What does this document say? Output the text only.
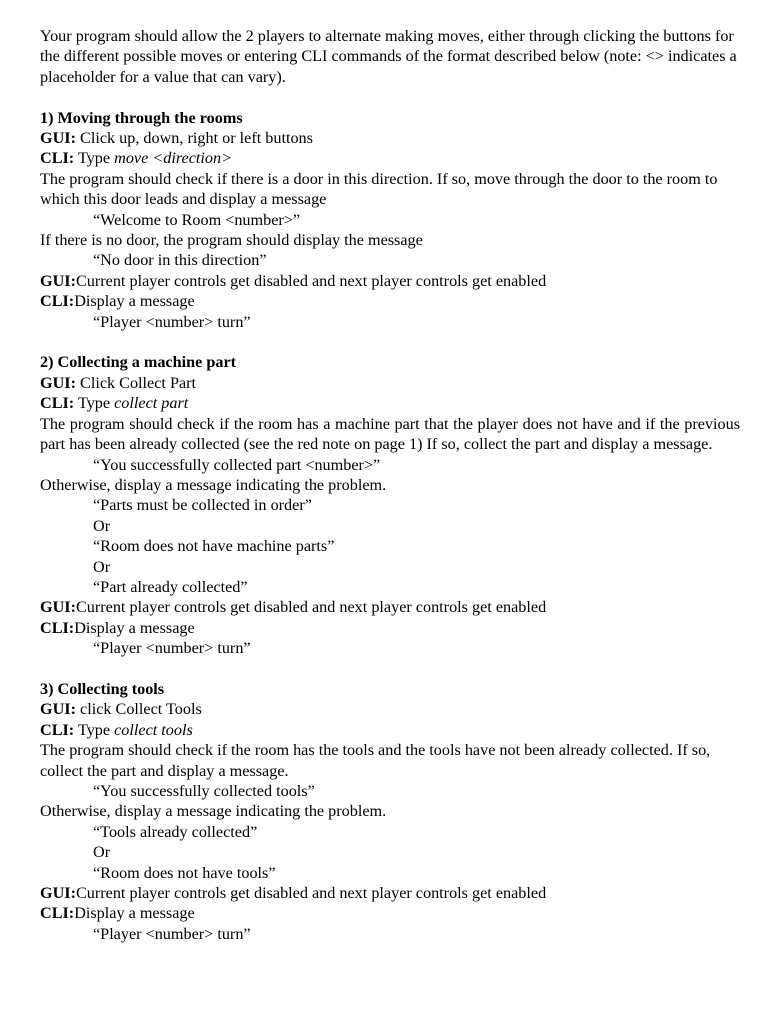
Your program should allow the 2 players to alternate making moves, either through clicking the buttons for the different possible moves or entering CLI commands of the format described below (note: <> indicates a placeholder for a value that can vary).

1) Moving through the rooms

GUI: Click up, down, right or left buttons

CLI: Type move <direction>

The program should check if there is a door in this direction. If so, move through the door to the room to which this door leads and display a message

“Welcome to Room <number>”

If there is no door, the program should display the message

“No door in this direction”

GUI:Current player controls get disabled and next player controls get enabled

CLI:Display a message

“Player <number> turn”

2) Collecting a machine part

GUI: Click Collect Part

CLI: Type collect part

The program should check if the room has a machine part that the player does not have and if the previous part has been already collected (see the red note on page 1) If so, collect the part and display a message.

“You successfully collected part <number>”

Otherwise, display a message indicating the problem.

“Parts must be collected in order”

Or

“Room does not have machine parts”

Or

“Part already collected”

GUI:Current player controls get disabled and next player controls get enabled

CLI:Display a message

“Player <number> turn”

3) Collecting tools

GUI: click Collect Tools

CLI: Type collect tools

The program should check if the room has the tools and the tools have not been already collected. If so, collect the part and display a message.

“You successfully collected tools”

Otherwise, display a message indicating the problem.

“Tools already collected”

Or

“Room does not have tools”

GUI:Current player controls get disabled and next player controls get enabled

CLI:Display a message

“Player <number> turn”
